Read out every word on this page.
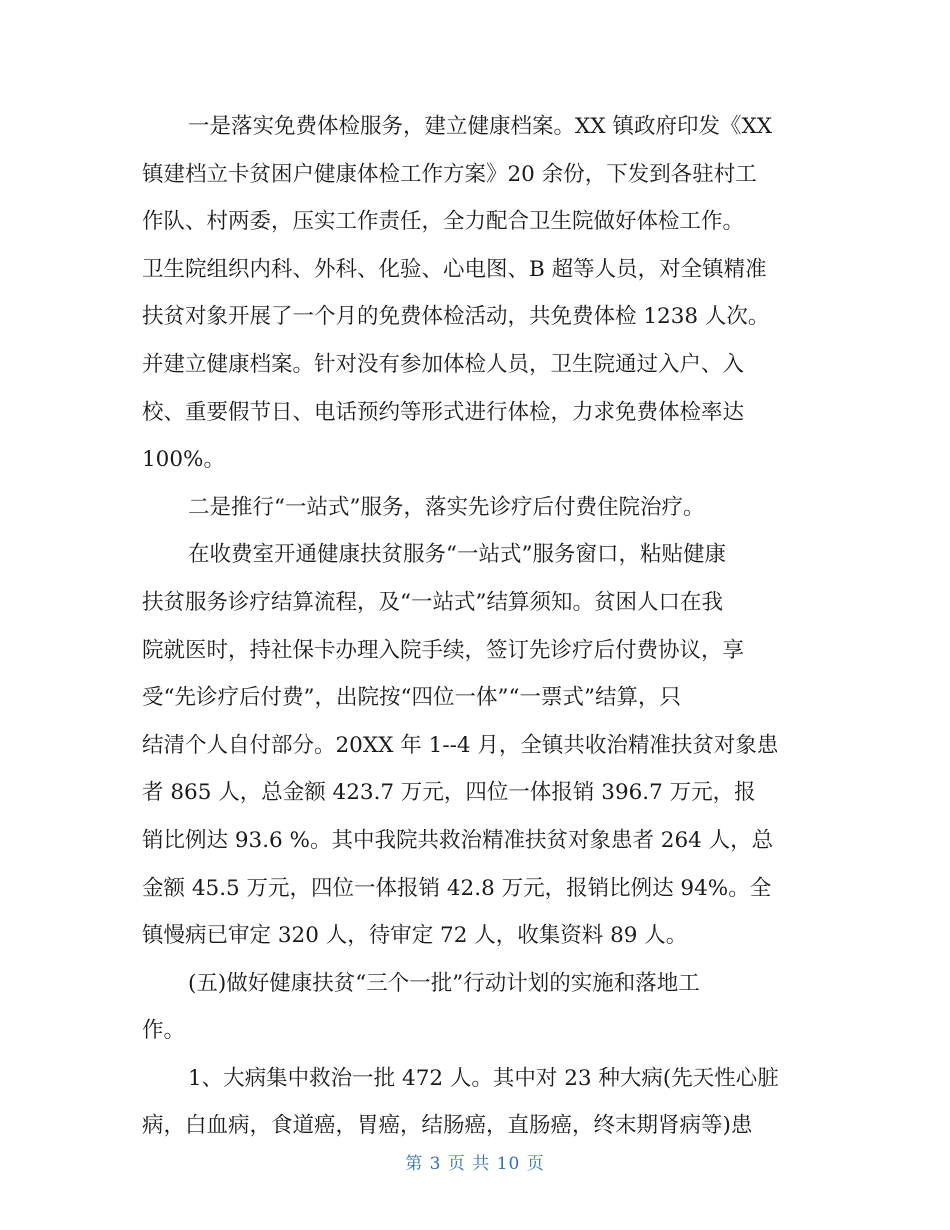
一是落实免费体检服务，建立健康档案。XX 镇政府印发《XX
镇建档立卡贫困户健康体检工作方案》20 余份，下发到各驻村工
作队、村两委，压实工作责任，全力配合卫生院做好体检工作。
卫生院组织内科、外科、化验、心电图、B 超等人员，对全镇精准
扶贫对象开展了一个月的免费体检活动，共免费体检 1238 人次。
并建立健康档案。针对没有参加体检人员，卫生院通过入户、入
校、重要假节日、电话预约等形式进行体检，力求免费体检率达
100%。
二是推行“一站式”服务，落实先诊疗后付费住院治疗。
在收费室开通健康扶贫服务“一站式”服务窗口，粘贴健康
扶贫服务诊疗结算流程，及“一站式”结算须知。贫困人口在我
院就医时，持社保卡办理入院手续，签订先诊疗后付费协议，享
受“先诊疗后付费”，出院按“四位一体”“一票式”结算，只
结清个人自付部分。20XX 年 1--4 月，全镇共收治精准扶贫对象患
者 865 人，总金额 423.7 万元，四位一体报销 396.7 万元，报
销比例达 93.6 %。其中我院共救治精准扶贫对象患者 264 人，总
金额 45.5 万元，四位一体报销 42.8 万元，报销比例达 94%。全
镇慢病已审定 320 人，待审定 72 人，收集资料 89 人。
(五)做好健康扶贫“三个一批”行动计划的实施和落地工
作。
1、大病集中救治一批 472 人。其中对 23 种大病(先天性心脏
病，白血病，食道癌，胃癌，结肠癌，直肠癌，终末期肾病等)患
第 3 页 共 10 页
